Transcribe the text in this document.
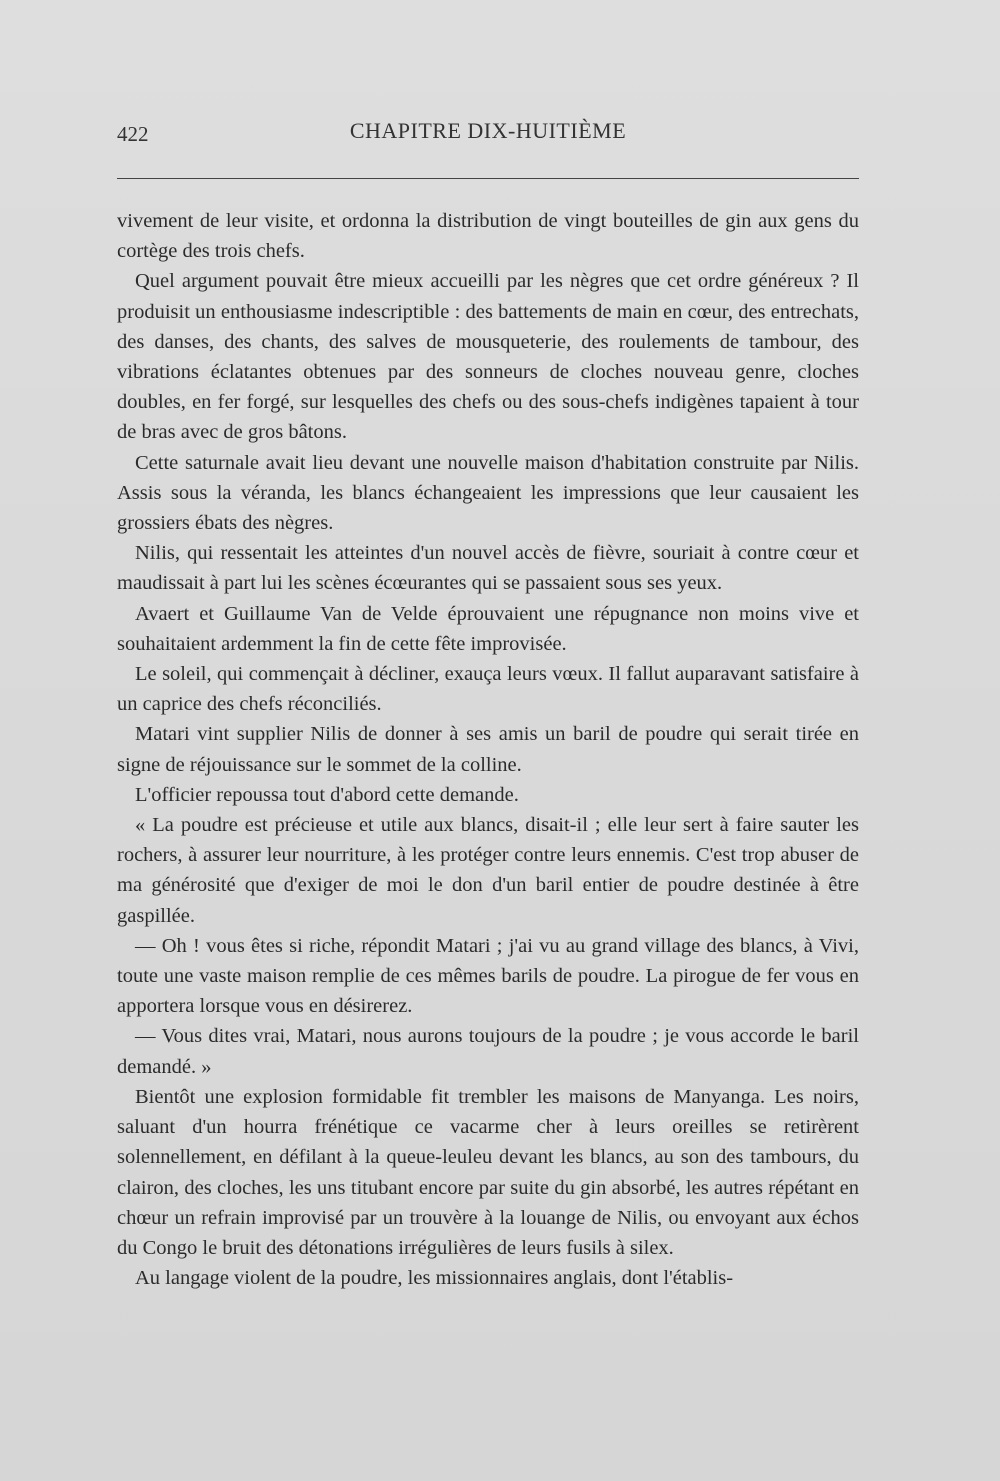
422	CHAPITRE DIX-HUITIÈME

vivement de leur visite, et ordonna la distribution de vingt bouteilles de gin aux gens du cortège des trois chefs.

Quel argument pouvait être mieux accueilli par les nègres que cet ordre généreux ? Il produisit un enthousiasme indescriptible : des battements de main en cœur, des entrechats, des danses, des chants, des salves de mousqueterie, des roulements de tambour, des vibrations éclatantes obtenues par des sonneurs de cloches nouveau genre, cloches doubles, en fer forgé, sur lesquelles des chefs ou des sous-chefs indigènes tapaient à tour de bras avec de gros bâtons.

Cette saturnale avait lieu devant une nouvelle maison d'habitation construite par Nilis. Assis sous la véranda, les blancs échangeaient les impressions que leur causaient les grossiers ébats des nègres.

Nilis, qui ressentait les atteintes d'un nouvel accès de fièvre, souriait à contre cœur et maudissait à part lui les scènes écœurantes qui se passaient sous ses yeux.

Avaert et Guillaume Van de Velde éprouvaient une répugnance non moins vive et souhaitaient ardemment la fin de cette fête improvisée.

Le soleil, qui commençait à décliner, exauça leurs vœux. Il fallut auparavant satisfaire à un caprice des chefs réconciliés.

Matari vint supplier Nilis de donner à ses amis un baril de poudre qui serait tirée en signe de réjouissance sur le sommet de la colline.

L'officier repoussa tout d'abord cette demande.

« La poudre est précieuse et utile aux blancs, disait-il ; elle leur sert à faire sauter les rochers, à assurer leur nourriture, à les protéger contre leurs ennemis. C'est trop abuser de ma générosité que d'exiger de moi le don d'un baril entier de poudre destinée à être gaspillée.

— Oh ! vous êtes si riche, répondit Matari ; j'ai vu au grand village des blancs, à Vivi, toute une vaste maison remplie de ces mêmes barils de poudre. La pirogue de fer vous en apportera lorsque vous en désirerez.

— Vous dites vrai, Matari, nous aurons toujours de la poudre ; je vous accorde le baril demandé. »

Bientôt une explosion formidable fit trembler les maisons de Manyanga. Les noirs, saluant d'un hourra frénétique ce vacarme cher à leurs oreilles se retirèrent solennellement, en défilant à la queue-leuleu devant les blancs, au son des tambours, du clairon, des cloches, les uns titubant encore par suite du gin absorbé, les autres répétant en chœur un refrain improvisé par un trouvère à la louange de Nilis, ou envoyant aux échos du Congo le bruit des détonations irrégulières de leurs fusils à silex.

Au langage violent de la poudre, les missionnaires anglais, dont l'établis-
